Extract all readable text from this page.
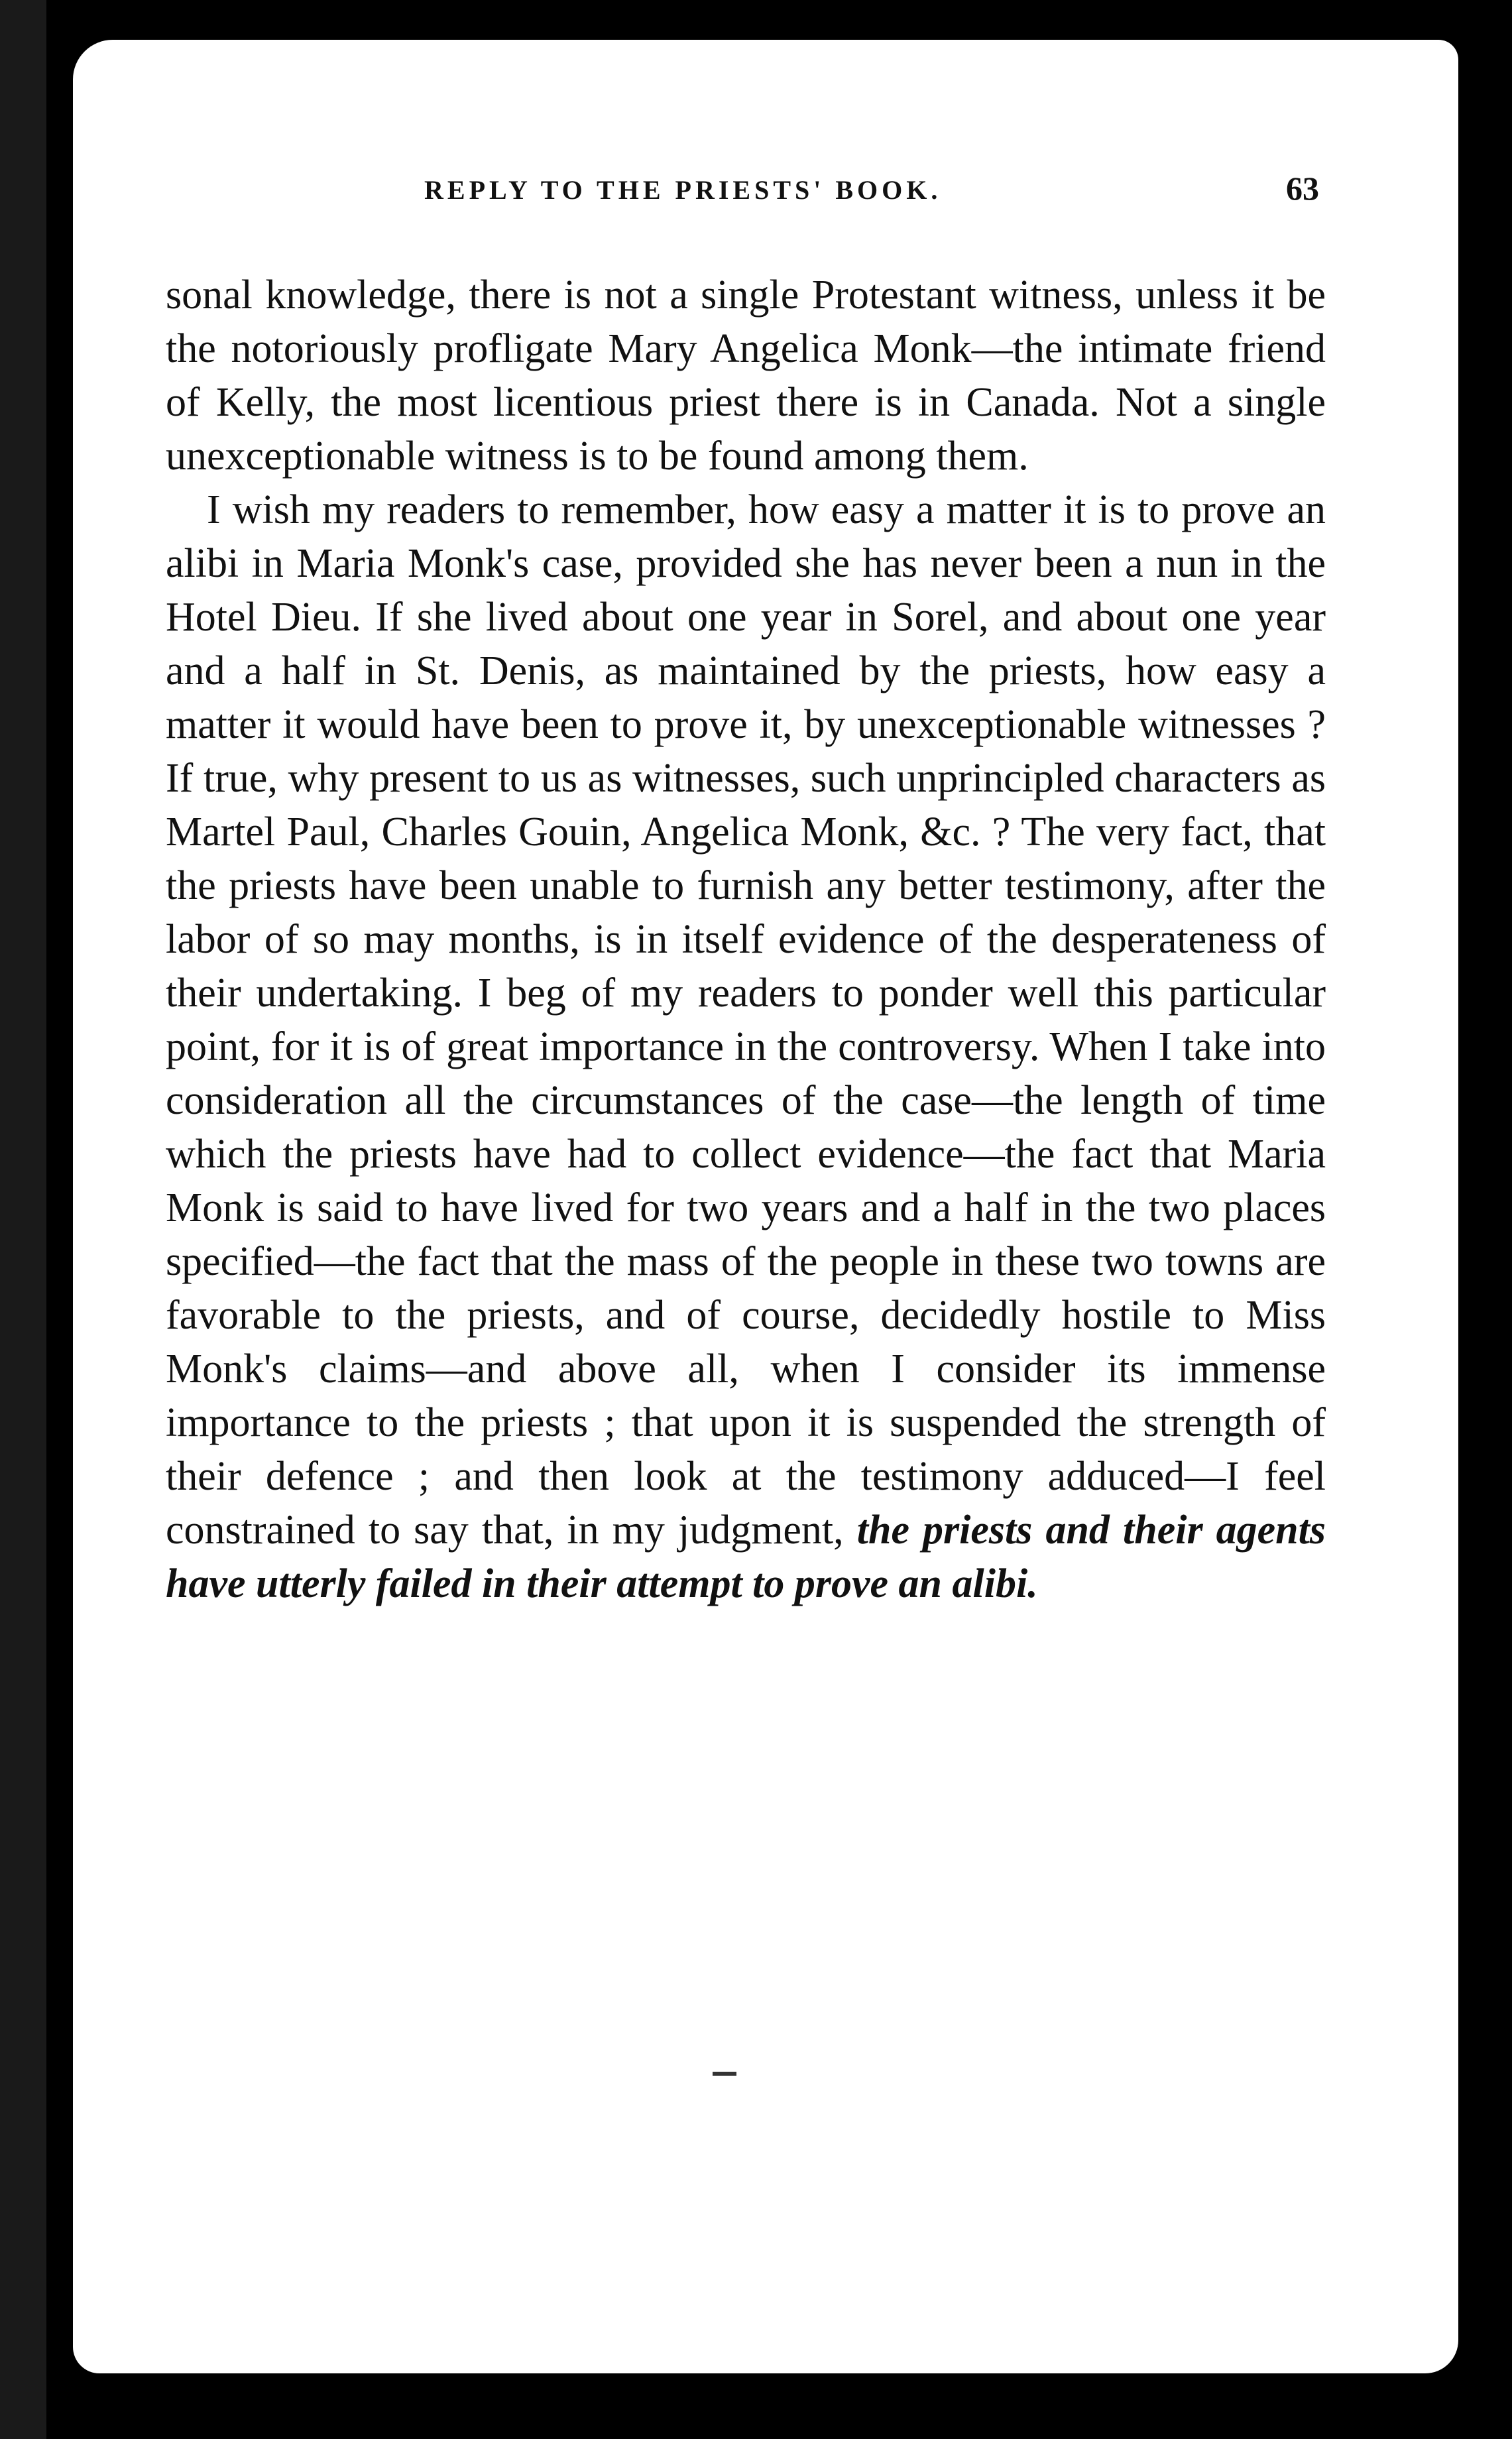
REPLY TO THE PRIESTS' BOOK.	63

sonal knowledge, there is not a single Protestant witness, unless it be the notoriously profligate Mary Angelica Monk—the intimate friend of Kelly, the most licentious priest there is in Canada. Not a single unexceptionable witness is to be found among them.

I wish my readers to remember, how easy a matter it is to prove an alibi in Maria Monk's case, provided she has never been a nun in the Hotel Dieu. If she lived about one year in Sorel, and about one year and a half in St. Denis, as maintained by the priests, how easy a matter it would have been to prove it, by unexceptionable witnesses ? If true, why present to us as witnesses, such unprincipled characters as Martel Paul, Charles Gouin, Angelica Monk, &c. ? The very fact, that the priests have been unable to furnish any better testimony, after the labor of so may months, is in itself evidence of the desperateness of their undertaking. I beg of my readers to ponder well this particular point, for it is of great importance in the controversy. When I take into consideration all the circumstances of the case—the length of time which the priests have had to collect evidence—the fact that Maria Monk is said to have lived for two years and a half in the two places specified—the fact that the mass of the people in these two towns are favorable to the priests, and of course, decidedly hostile to Miss Monk's claims—and above all, when I consider its immense importance to the priests ; that upon it is suspended the strength of their defence ; and then look at the testimony adduced—I feel constrained to say that, in my judgment, the priests and their agents have utterly failed in their attempt to prove an alibi.
